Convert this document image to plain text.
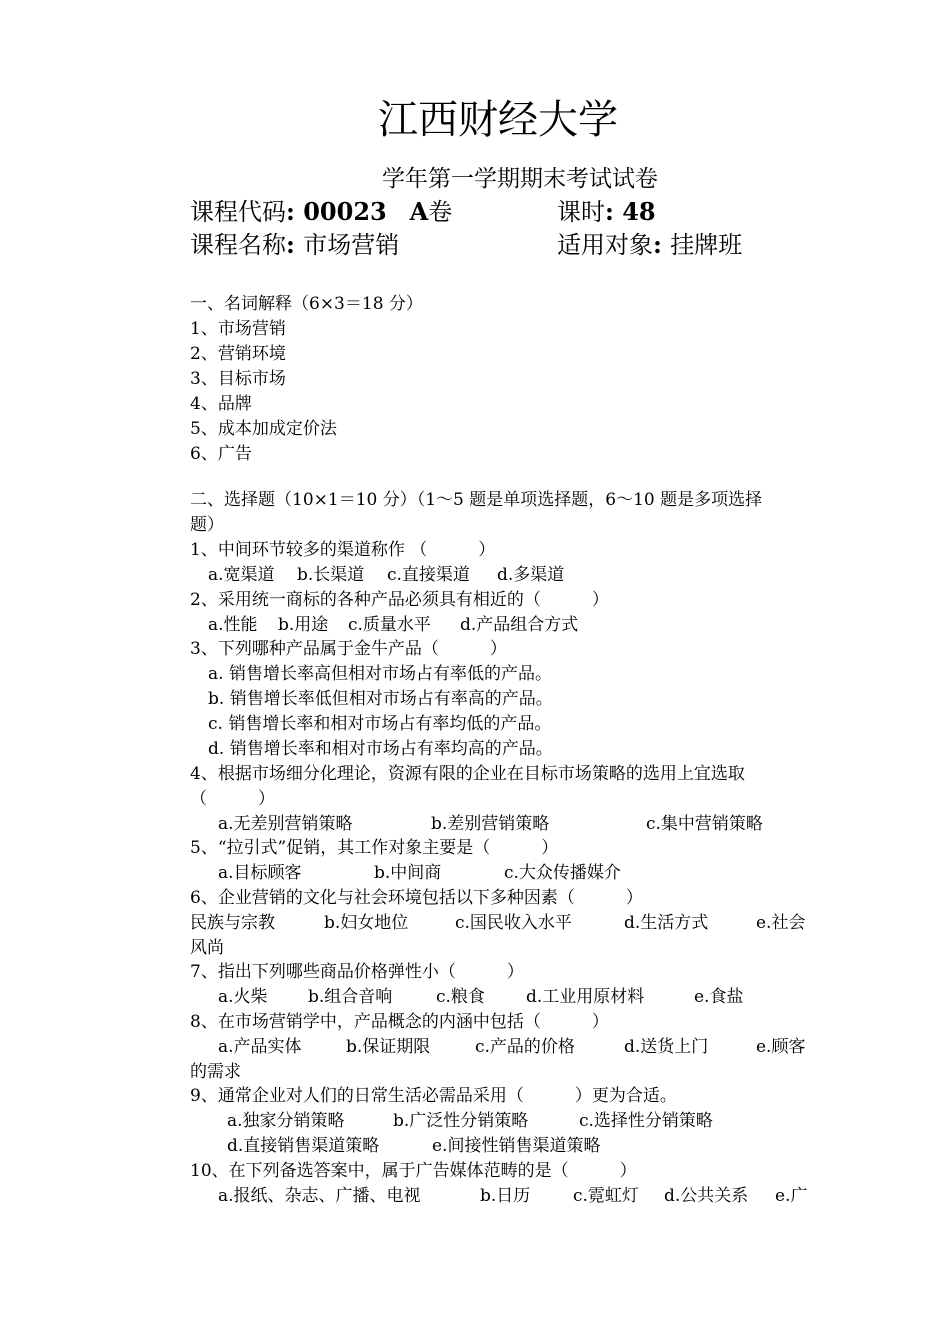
江西财经大学
学年第一学期期末考试试卷
课程代码: 00023 A卷	课时: 48
课程名称: 市场营销	适用对象: 挂牌班
一、名词解释（6×3＝18 分）
1、市场营销
2、营销环境
3、目标市场
4、品牌
5、成本加成定价法
6、广告
二、选择题（10×1＝10 分）（1～5 题是单项选择题，6～10 题是多项选择
题）
1、中间环节较多的渠道称作 （　　　）
a.宽渠道 b.长渠道 c.直接渠道 d.多渠道
2、采用统一商标的各种产品必须具有相近的（　　　）
a.性能 b.用途 c.质量水平 d.产品组合方式
3、下列哪种产品属于金牛产品（　　　）
a. 销售增长率高但相对市场占有率低的产品。
b. 销售增长率低但相对市场占有率高的产品。
c. 销售增长率和相对市场占有率均低的产品。
d. 销售增长率和相对市场占有率均高的产品。
4、根据市场细分化理论，资源有限的企业在目标市场策略的选用上宜选取
（　　　）
a.无差别营销策略	b.差别营销策略	c.集中营销策略
5、“拉引式”促销，其工作对象主要是（　　　）
a.目标顾客	b.中间商	c.大众传播媒介
6、企业营销的文化与社会环境包括以下多种因素（　　　）
民族与宗教	b.妇女地位	c.国民收入水平	d.生活方式	e.社会
风尚
7、指出下列哪些商品价格弹性小（　　　）
a.火柴 b.组合音响	c.粮食 d.工业用原材料	e.食盐
8、在市场营销学中，产品概念的内涵中包括（　　　）
a.产品实体	b.保证期限	c.产品的价格	d.送货上门	e.顾客
的需求
9、通常企业对人们的日常生活必需品采用（　　　）更为合适。
a.独家分销策略	b.广泛性分销策略	c.选择性分销策略
d.直接销售渠道策略	e.间接性销售渠道策略
10、在下列备选答案中，属于广告媒体范畴的是（　　　）
a.报纸、杂志、广播、电视	b.日历	c.霓虹灯 d.公共关系 e.广
